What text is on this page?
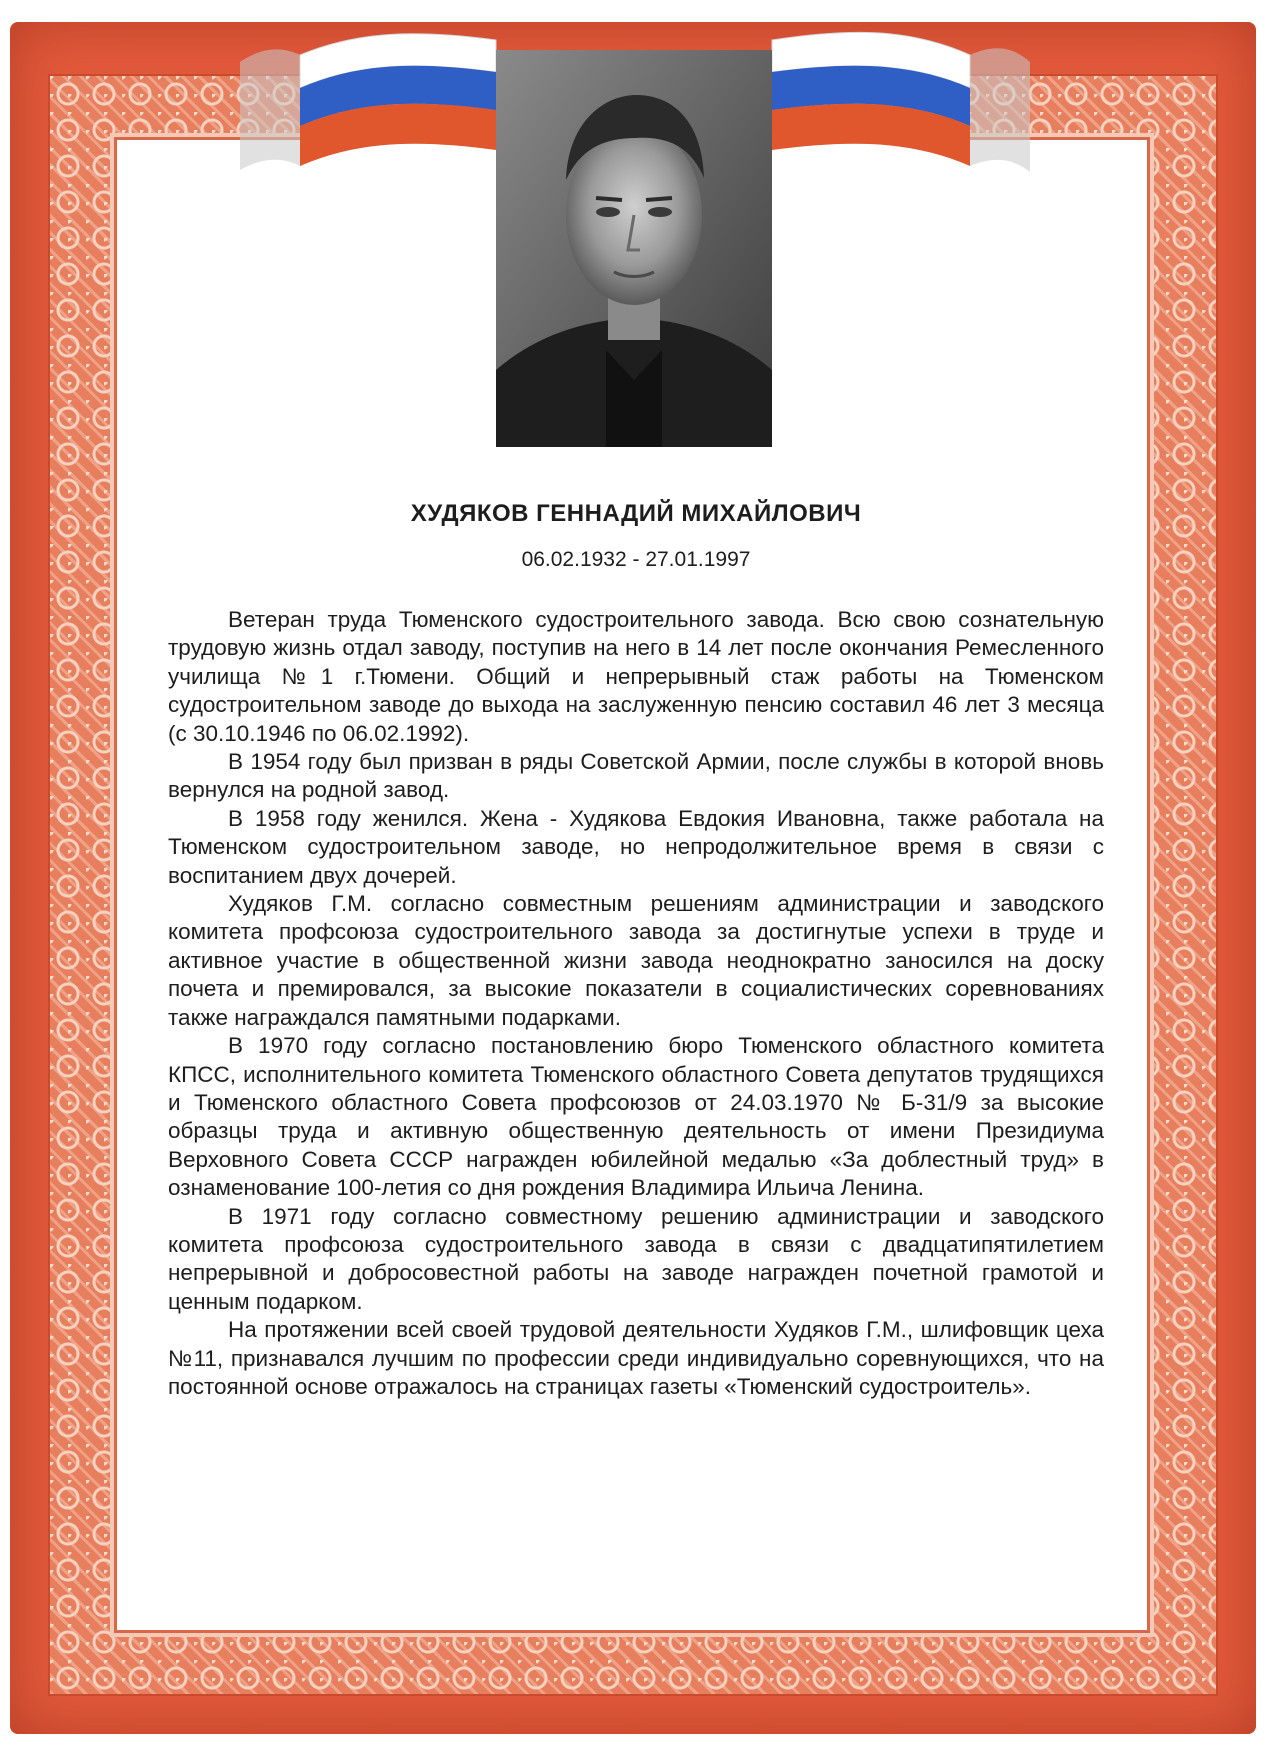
ХУДЯКОВ ГЕННАДИЙ МИХАЙЛОВИЧ
06.02.1932 - 27.01.1997

Ветеран труда Тюменского судостроительного завода. Всю свою сознательную трудовую жизнь отдал заводу, поступив на него в 14 лет после окончания Ремесленного училища №1 г.Тюмени. Общий и непрерывный стаж работы на Тюменском судостроительном заводе до выхода на заслуженную пенсию составил 46 лет 3 месяца (с 30.10.1946 по 06.02.1992).

В 1954 году был призван в ряды Советской Армии, после службы в которой вновь вернулся на родной завод.

В 1958 году женился. Жена - Худякова Евдокия Ивановна, также работала на Тюменском судостроительном заводе, но непродолжительное время в связи с воспитанием двух дочерей.

Худяков Г.М. согласно совместным решениям администрации и заводского комитета профсоюза судостроительного завода за достигнутые успехи в труде и активное участие в общественной жизни завода неоднократно заносился на доску почета и премировался, за высокие показатели в социалистических соревнованиях также награждался памятными подарками.

В 1970 году согласно постановлению бюро Тюменского областного комитета КПСС, исполнительного комитета Тюменского областного Совета депутатов трудящихся и Тюменского областного Совета профсоюзов от 24.03.1970 № Б-31/9 за высокие образцы труда и активную общественную деятельность от имени Президиума Верховного Совета СССР награжден юбилейной медалью «За доблестный труд» в ознаменование 100-летия со дня рождения Владимира Ильича Ленина.

В 1971 году согласно совместному решению администрации и заводского комитета профсоюза судостроительного завода в связи с двадцатипятилетием непрерывной и добросовестной работы на заводе награжден почетной грамотой и ценным подарком.

На протяжении всей своей трудовой деятельности Худяков Г.М., шлифовщик цеха №11, признавался лучшим по профессии среди индивидуально соревнующихся, что на постоянной основе отражалось на страницах газеты «Тюменский судостроитель».
